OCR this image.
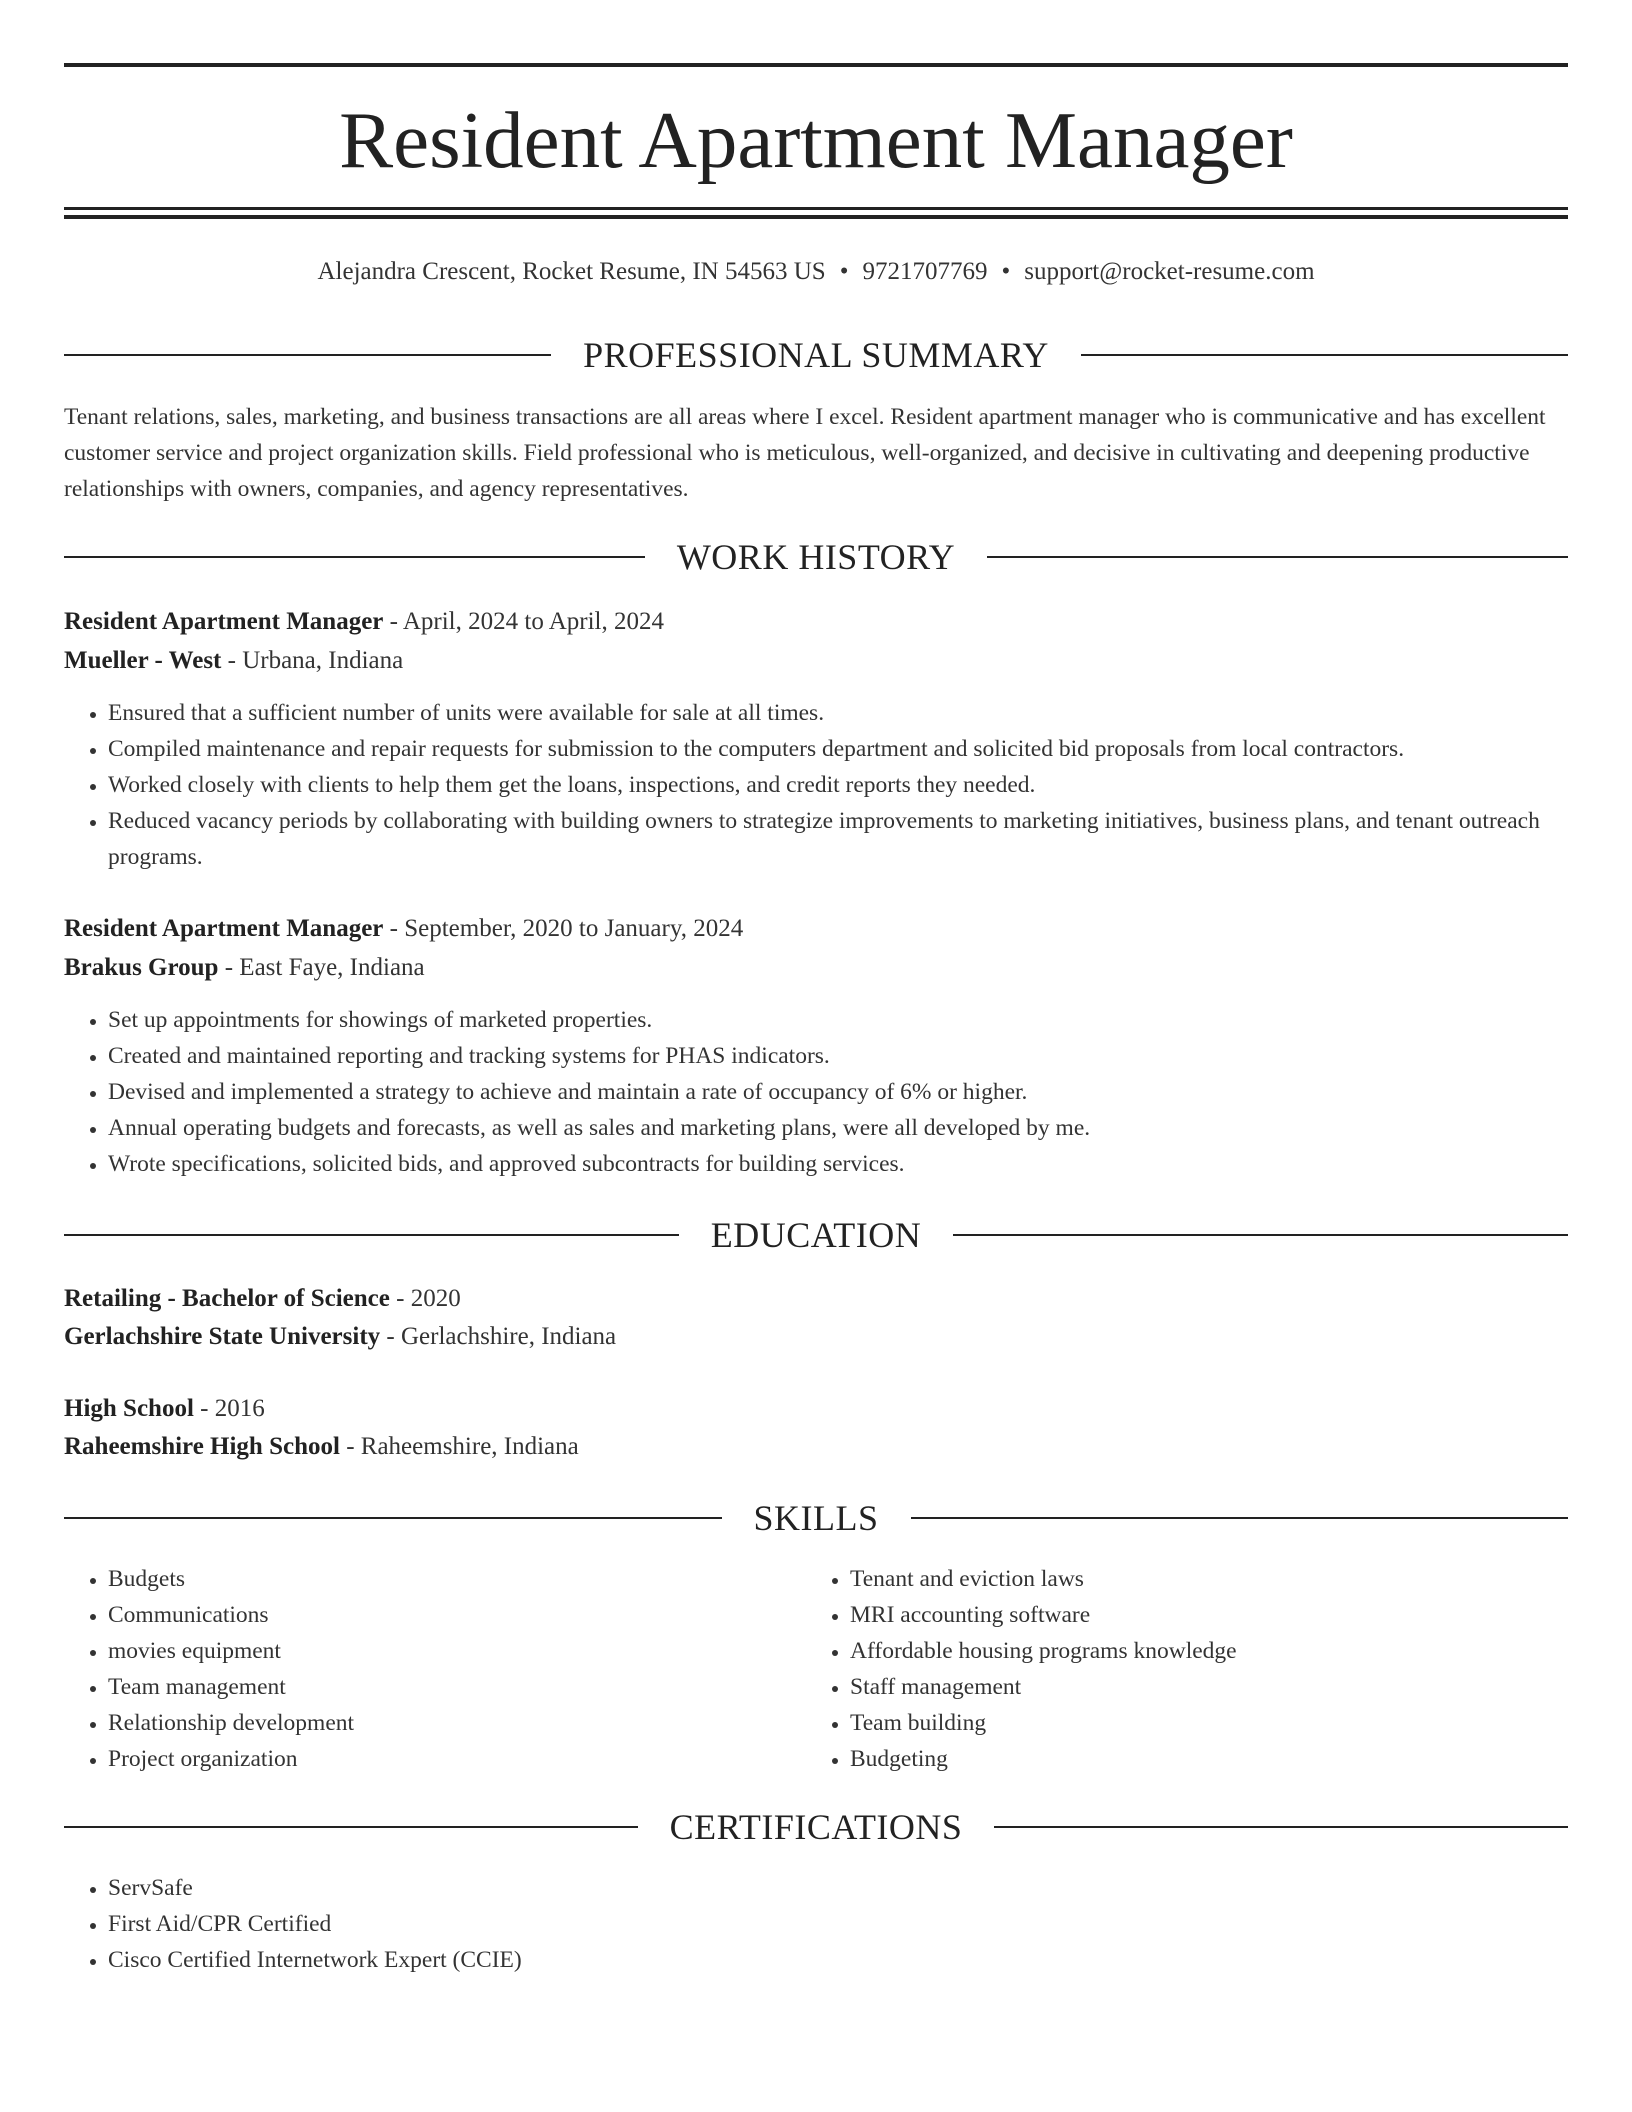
Resident Apartment Manager
Alejandra Crescent, Rocket Resume, IN 54563 US • 9721707769 • support@rocket-resume.com
PROFESSIONAL SUMMARY

Tenant relations, sales, marketing, and business transactions are all areas where I excel. Resident apartment manager who is communicative and has excellent customer service and project organization skills. Field professional who is meticulous, well-organized, and decisive in cultivating and deepening productive relationships with owners, companies, and agency representatives.

WORK HISTORY
Resident Apartment Manager - April, 2024 to April, 2024
Mueller - West - Urbana, Indiana
• Ensured that a sufficient number of units were available for sale at all times.
• Compiled maintenance and repair requests for submission to the computers department and solicited bid proposals from local contractors.
• Worked closely with clients to help them get the loans, inspections, and credit reports they needed.
• Reduced vacancy periods by collaborating with building owners to strategize improvements to marketing initiatives, business plans, and tenant outreach programs.
Resident Apartment Manager - September, 2020 to January, 2024
Brakus Group - East Faye, Indiana
• Set up appointments for showings of marketed properties.
• Created and maintained reporting and tracking systems for PHAS indicators.
• Devised and implemented a strategy to achieve and maintain a rate of occupancy of 6% or higher.
• Annual operating budgets and forecasts, as well as sales and marketing plans, were all developed by me.
• Wrote specifications, solicited bids, and approved subcontracts for building services.
EDUCATION
Retailing - Bachelor of Science - 2020
Gerlachshire State University - Gerlachshire, Indiana
High School - 2016
Raheemshire High School - Raheemshire, Indiana
SKILLS
• Budgets
• Communications
• movies equipment
• Team management
• Relationship development
• Project organization
• Tenant and eviction laws
• MRI accounting software
• Affordable housing programs knowledge
• Staff management
• Team building
• Budgeting
CERTIFICATIONS
• ServSafe
• First Aid/CPR Certified
• Cisco Certified Internetwork Expert (CCIE)
